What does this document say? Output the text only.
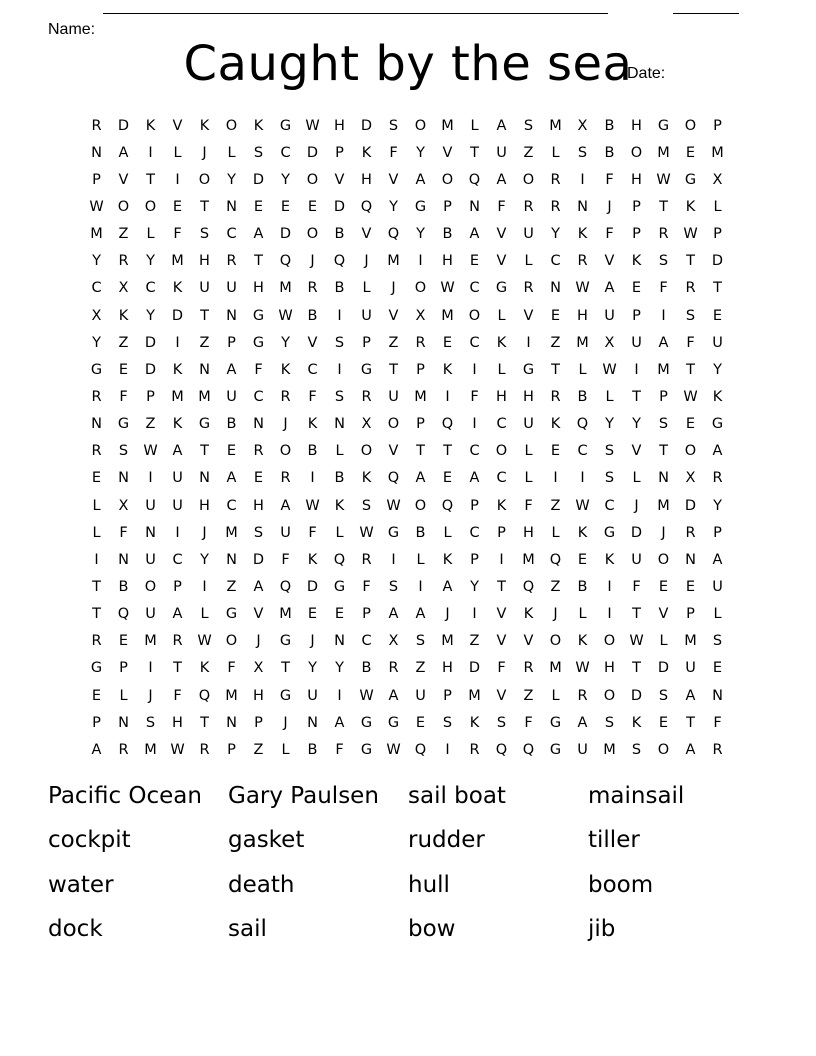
Name:

Date:

Caught by the sea
R	D	K	V	K	O	K	G W H	D	S	O	M	L	A	S	M	X	B	H	G	O	P
N	A	I	L	J	L	S	C	D	P	K	F	Y	V	T	U	Z	L	S	B	O	M	E	M
P	V	T	I	O	Y	D	Y	O	V	H	V	A	O	Q	A	O	R	I	F	H W G	X
W O	O	E	T	N	E	E	E	D	Q	Y	G	P	N	F	R	R	N	J	P	T	K	L
M	Z	L	F	S	C	A	D	O	B	V	Q	Y	B	A	V	U	Y	K	F	P	R	W	P
Y	R	Y	M	H	R	T	Q	J	Q	J	M	I	H	E	V	L	C	R	V	K	S	T	D
C	X	C	K	U	U	H	M	R	B	L	J	O W	C	G	R	N W	A	E	F	R	T
X	K	Y	D	T	N	G W	B	I	U	V	X	M	O	L	V	E	H	U	P	I	S	E
Y	Z	D	I	Z	P	G	Y	V	S	P	Z	R	E	C	K	I	Z	M	X	U	A	F	U
G	E	D	K	N	A	F	K	C	I	G	T	P	K	I	L	G	T	L	W	I	M	T	Y
R	F	P	M M	U	C	R	F	S	R	U	M	I	F	H	H	R	B	L	T	P	W	K
N	G	Z	K	G	B	N	J	K	N	X	O	P	Q	I	C	U	K	Q	Y	Y	S	E	G
R	S	W	A	T	E	R	O	B	L	O	V	T	T	C	O	L	E	C	S	V	T	O	A
E	N	I	U	N	A	E	R	I	B	K	Q	A	E	A	C	L	I	I	S	L	N	X	R
L	X	U	U	H	C	H	A	W	K	S	W O	Q	P	K	F	Z	W	C	J	M	D	Y
L	F	N	I	J	M	S	U	F	L	W G	B	L	C	P	H	L	K	G	D	J	R	P
I	N	U	C	Y	N	D	F	K	Q	R	I	L	K	P	I	M	Q	E	K	U	O	N	A
T	B	O	P	I	Z	A	Q	D	G	F	S	I	A	Y	T	Q	Z	B	I	F	E	E	U
T	Q	U	A	L	G	V	M	E	E	P	A	A	J	I	V	K	J	L	I	T	V	P	L
R	E	M	R	W O	J	G	J	N	C	X	S	M	Z	V	V	O	K	O W	L	M	S
G	P	I	T	K	F	X	T	Y	Y	B	R	Z	H	D	F	R	M W H	T	D	U	E
E	L	J	F	Q	M	H	G	U	I	W	A	U	P	M	V	Z	L	R	O	D	S	A	N
P	N	S	H	T	N	P	J	N	A	G	G	E	S	K	S	F	G	A	S	K	E	T	F
A	R	M W	R	P	Z	L	B	F	G W Q	I	R	Q	Q	G	U	M	S	O	A	R
Pacific Ocean	Gary Paulsen	sail boat	mainsail
cockpit	gasket	rudder	tiller
water	death	hull	boom
dock	sail	bow	jib
